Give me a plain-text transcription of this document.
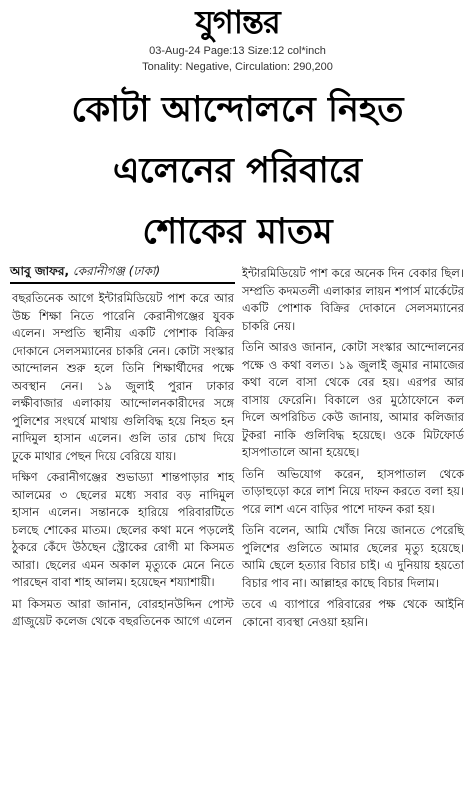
যুগান্তর
03-Aug-24 Page:13 Size:12 col*inch
Tonality: Negative, Circulation: 290,200
কোটা আন্দোলনে নিহত
এলেনের পরিবারে
শোকের মাতম
আবু জাফর, কেরানীগঞ্জ (ঢাকা)

বছরতিনেক আগে ইন্টারমিডিয়েট পাশ করে আর উচ্চ শিক্ষা নিতে পারেনি কেরানীগঞ্জের যুবক এলেন। সম্প্রতি স্থানীয় একটি পোশাক বিক্রির দোকানে সেলসম্যানের চাকরি নেন। কোটা সংস্কার আন্দোলন শুরু হলে তিনি শিক্ষার্থীদের পক্ষে অবস্থান নেন। ১৯ জুলাই পুরান ঢাকার লক্ষীবাজার এলাকায় আন্দোলনকারীদের সঙ্গে পুলিশের সংঘর্ষে মাথায় গুলিবিদ্ধ হয়ে নিহত হন নাদিমুল হাসান এলেন। গুলি তার চোখ দিয়ে ঢুকে মাথার পেছন দিয়ে বেরিয়ে যায়।

দক্ষিণ কেরানীগঞ্জের শুভাড্যা শান্তপাড়ার শাহ আলমের ৩ ছেলের মধ্যে সবার বড় নাদিমুল হাসান এলেন। সন্তানকে হারিয়ে পরিবারটিতে চলছে শোকের মাতম। ছেলের কথা মনে পড়লেই ঠুকরে কেঁদে উঠছেন স্ট্রোকের রোগী মা কিসমত আরা। ছেলের এমন অকাল মৃত্যুকে মেনে নিতে পারছেন বাবা শাহ আলম। হয়েছেন শয্যাশায়ী।

মা কিসমত আরা জানান, বোরহানউদ্দিন পোস্ট গ্রাজুয়েট কলেজ থেকে বছরতিনেক আগে এলেন

ইন্টারমিডিয়েট পাশ করে অনেক দিন বেকার ছিল। সম্প্রতি কদমতলী এলাকার লায়ন শপার্স মার্কেটের একটি পোশাক বিক্রির দোকানে সেলসম্যানের চাকরি নেয়।

তিনি আরও জানান, কোটা সংস্কার আন্দোলনের পক্ষে ও কথা বলত। ১৯ জুলাই জুমার নামাজের কথা বলে বাসা থেকে বের হয়। এরপর আর বাসায় ফেরেনি। বিকালে ওর মুঠোফোনে কল দিলে অপরিচিত কেউ জানায়, আমার কলিজার টুকরা নাকি গুলিবিদ্ধ হয়েছে। ওকে মিটফোর্ড হাসপাতালে আনা হয়েছে।

তিনি অভিযোগ করেন, হাসপাতাল থেকে তাড়াহুড়ো করে লাশ নিয়ে দাফন করতে বলা হয়। পরে লাশ এনে বাড়ির পাশে দাফন করা হয়।

তিনি বলেন, আমি খোঁজ নিয়ে জানতে পেরেছি পুলিশের গুলিতে আমার ছেলের মৃত্যু হয়েছে। আমি ছেলে হত্যার বিচার চাই। এ দুনিয়ায় হয়তো বিচার পাব না। আল্লাহর কাছে বিচার দিলাম।

তবে এ ব্যাপারে পরিবারের পক্ষ থেকে আইনি কোনো ব্যবস্থা নেওয়া হয়নি।
